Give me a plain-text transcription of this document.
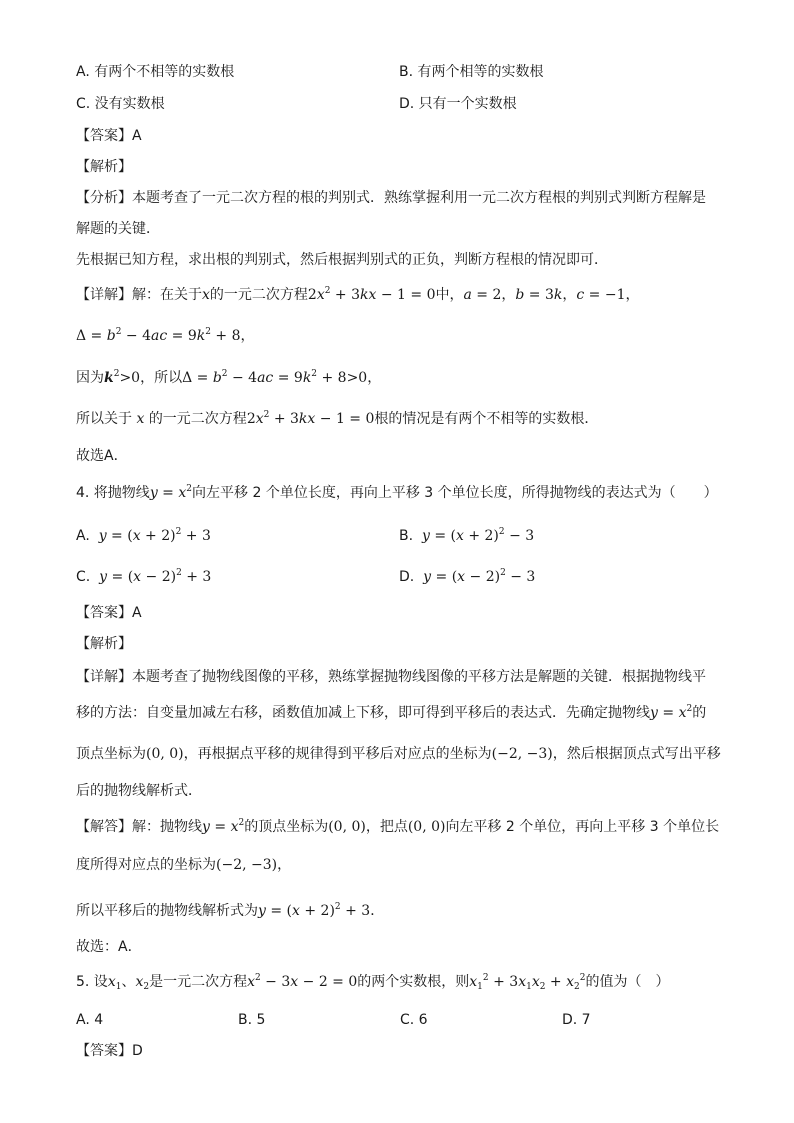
A. 有两个不相等的实数根	B. 有两个相等的实数根
C. 没有实数根	D. 只有一个实数根
【答案】A
【解析】
【分析】本题考查了一元二次方程的根的判别式．熟练掌握利用一元二次方程根的判别式判断方程解是
解题的关键．
先根据已知方程，求出根的判别式，然后根据判别式的正负，判断方程根的情况即可．
【详解】解：在关于x的一元二次方程$2x^2 + 3kx - 1 = 0$中，a = 2，b = 3k，c = −1，
$\Delta = b^2 - 4ac = 9k^2 + 8$，
因为$k^2>0$，所以$\Delta = b^2 - 4ac = 9k^2 + 8>0$，
所以关于 x 的一元二次方程$2x^2 + 3kx - 1 = 0$根的情况是有两个不相等的实数根．
故选A．
4. 将抛物线$y = x^2$向左平移 2 个单位长度，再向上平移 3 个单位长度，所得抛物线的表达式为（　　）
A. $y = (x + 2)^2 + 3$	B. $y = (x + 2)^2 - 3$
C. $y = (x - 2)^2 + 3$	D. $y = (x - 2)^2 - 3$
【答案】A
【解析】
【详解】本题考查了抛物线图像的平移，熟练掌握抛物线图像的平移方法是解题的关键．根据抛物线平
移的方法：自变量加减左右移，函数值加减上下移，即可得到平移后的表达式．先确定抛物线$y = x^2$的
顶点坐标为(0, 0)，再根据点平移的规律得到平移后对应点的坐标为(−2, −3)，然后根据顶点式写出平移
后的抛物线解析式．
【解答】解：抛物线$y = x^2$的顶点坐标为(0, 0)，把点(0, 0)向左平移 2 个单位，再向上平移 3 个单位长
度所得对应点的坐标为(−2, −3)，
所以平移后的抛物线解析式为$y = (x + 2)^2 + 3$．
故选：A．
5. 设$x_1$、$x_2$是一元二次方程$x^2 - 3x - 2 = 0$的两个实数根，则$x_1^2 + 3x_1x_2 + x_2^2$的值为（　）
A. 4	B. 5	C. 6	D. 7
【答案】D
